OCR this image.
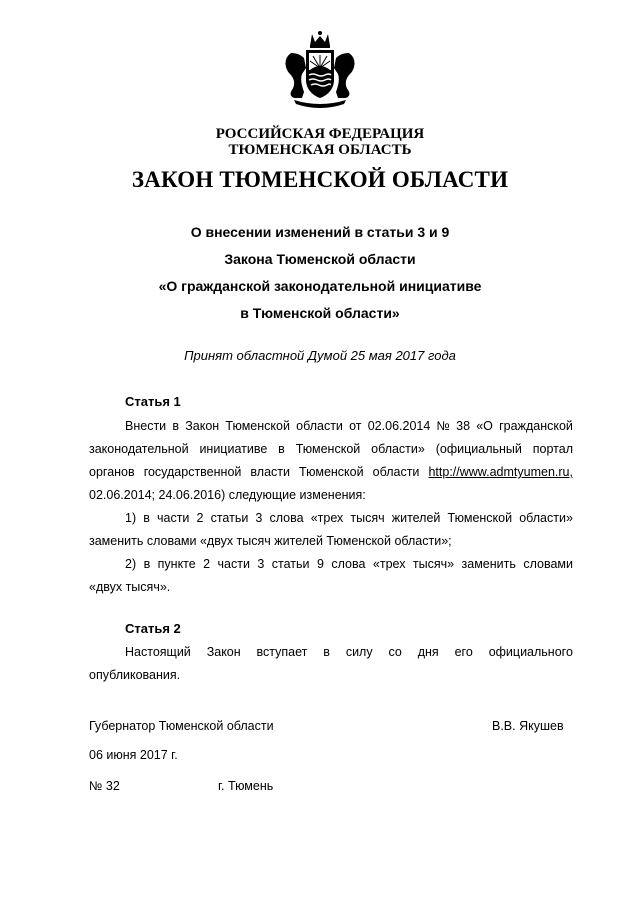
РОССИЙСКАЯ ФЕДЕРАЦИЯ
ТЮМЕНСКАЯ ОБЛАСТЬ
ЗАКОН ТЮМЕНСКОЙ ОБЛАСТИ
О внесении изменений в статьи 3 и 9
Закона Тюменской области
«О гражданской законодательной инициативе
в Тюменской области»
Принят областной Думой 25 мая 2017 года
Статья 1
Внести в Закон Тюменской области от 02.06.2014 № 38 «О гражданской
законодательной инициативе в Тюменской области» (официальный портал
органов государственной власти Тюменской области http://www.admtyumen.ru,
02.06.2014; 24.06.2016) следующие изменения:
1) в части 2 статьи 3 слова «трех тысяч жителей Тюменской области»
заменить словами «двух тысяч жителей Тюменской области»;
2) в пункте 2 части 3 статьи 9 слова «трех тысяч» заменить словами
«двух тысяч».
Статья 2
Настоящий Закон вступает в силу со дня его официального
опубликования.
Губернатор Тюменской области	В.В. Якушев
06 июня 2017 г.
№ 32	г. Тюмень
